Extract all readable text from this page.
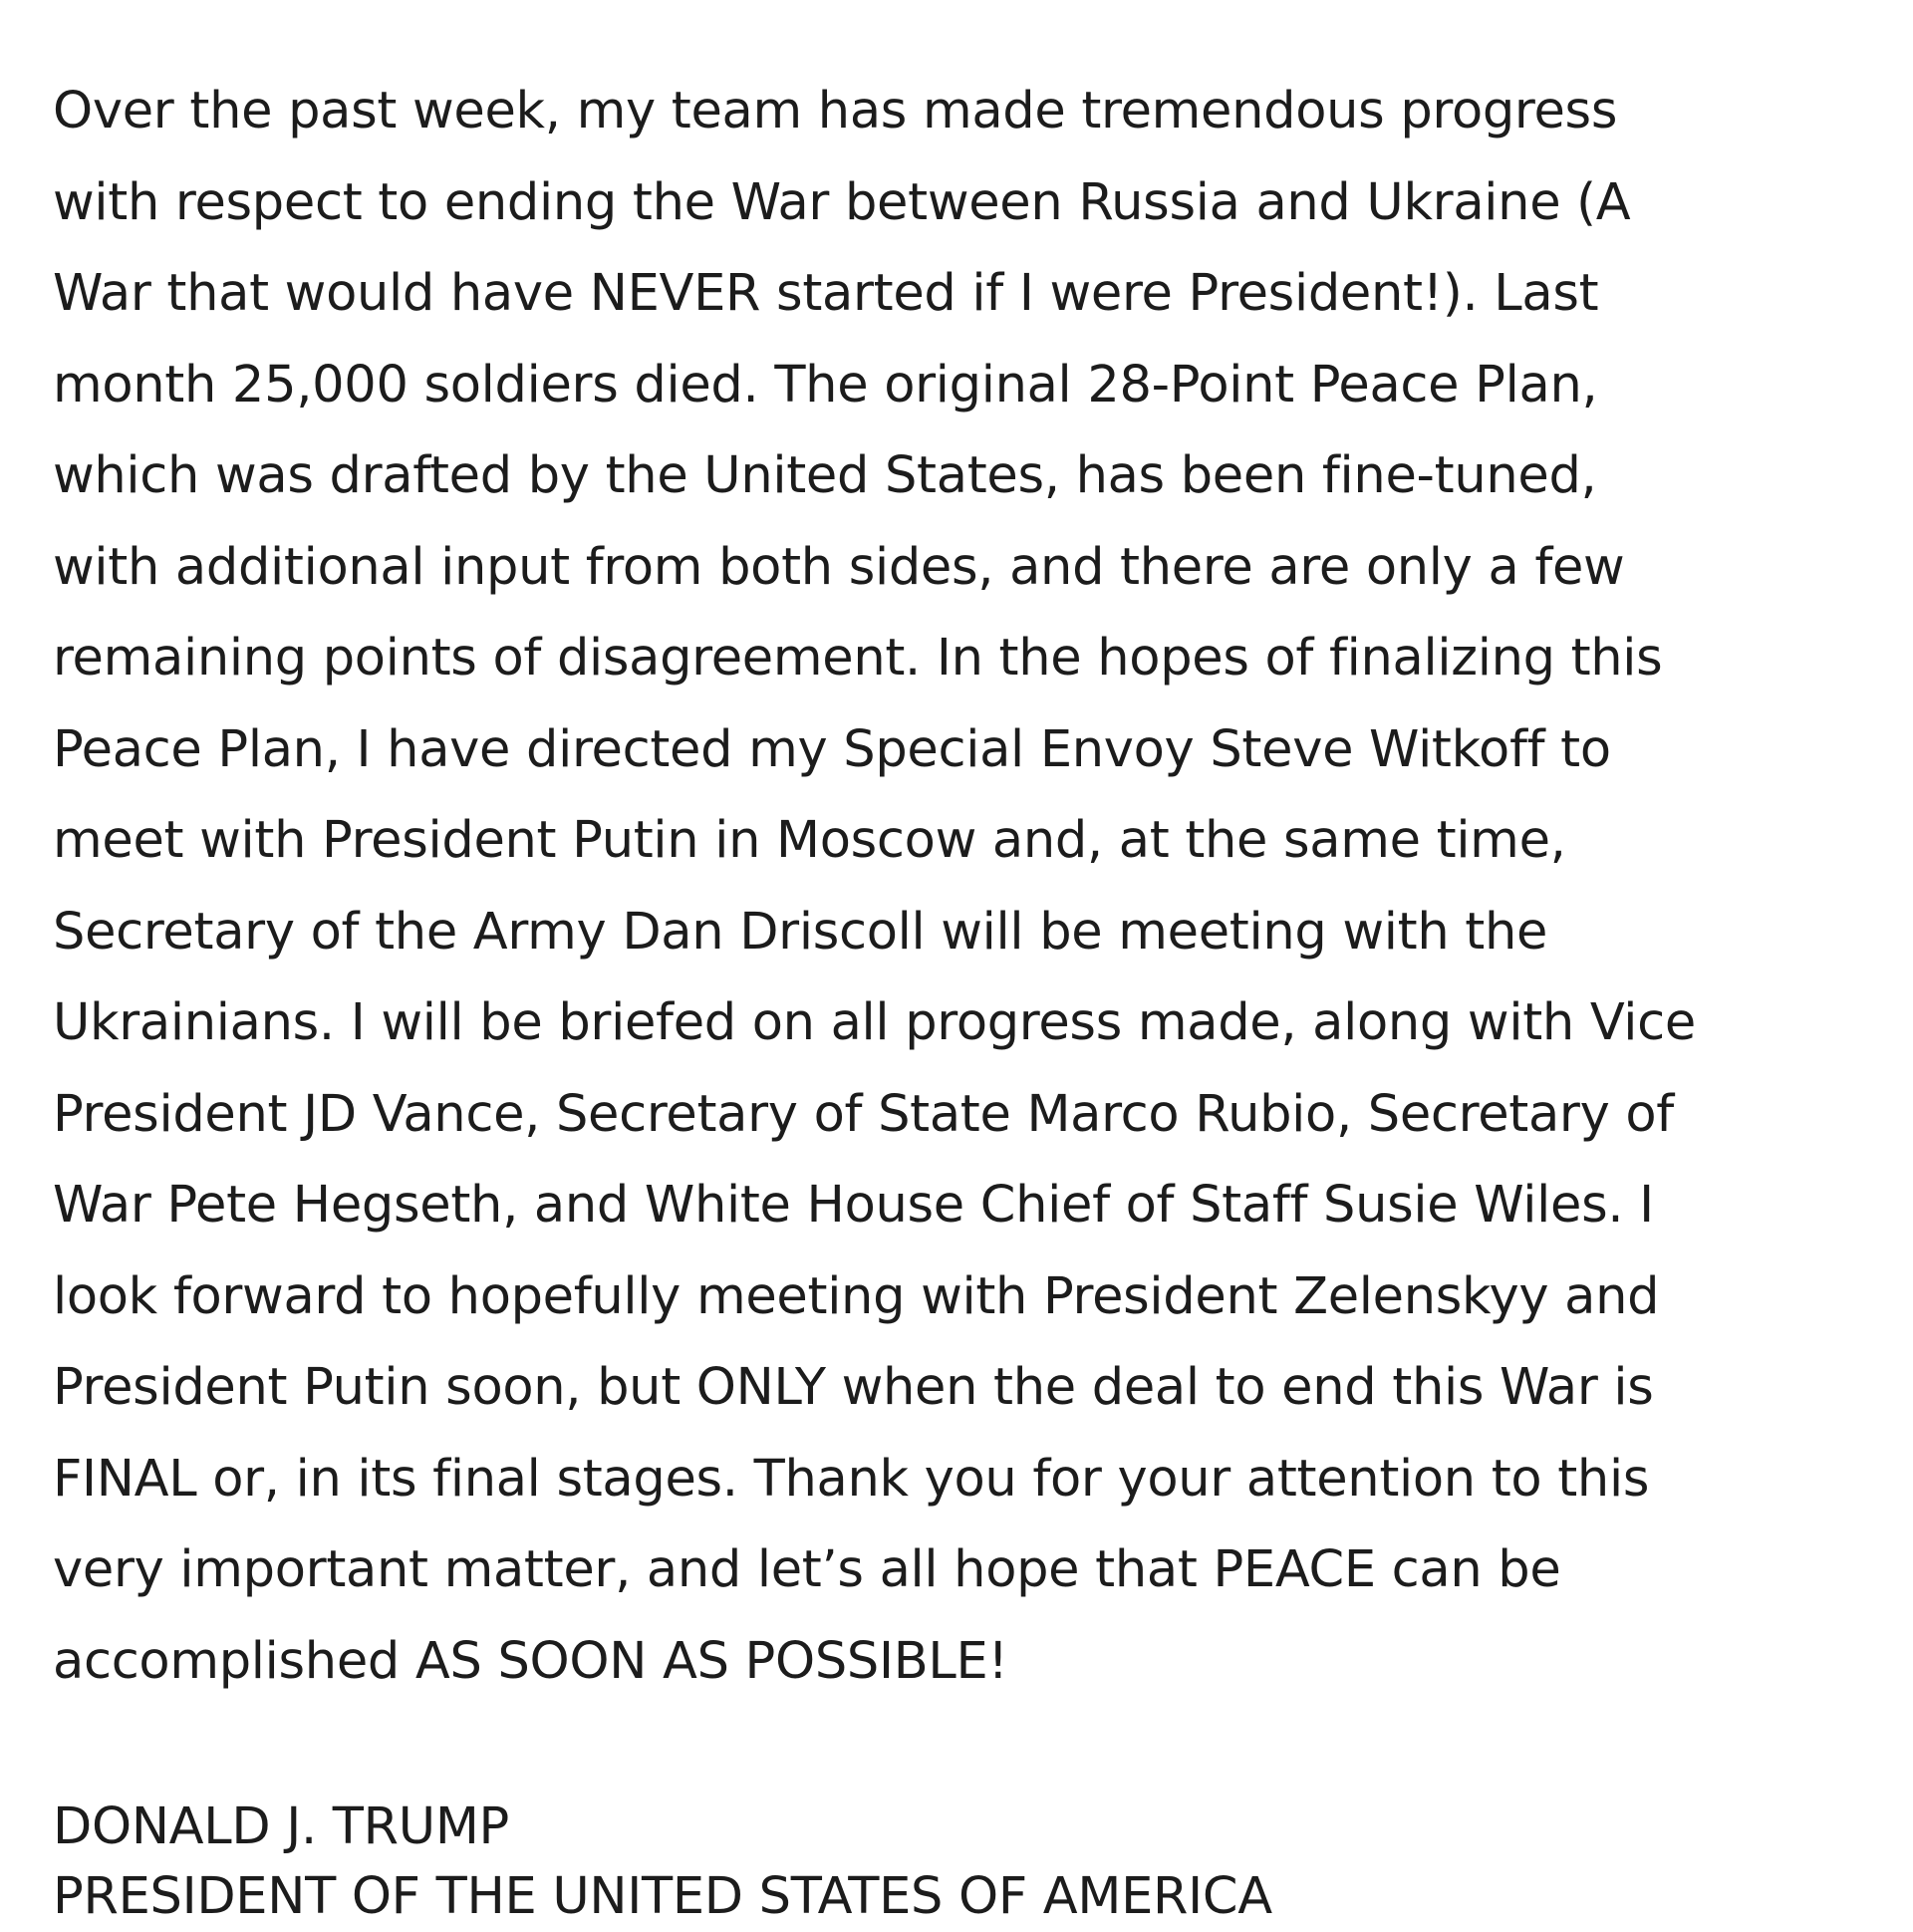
Over the past week, my team has made tremendous progress
with respect to ending the War between Russia and Ukraine (A
War that would have NEVER started if I were President!). Last
month 25,000 soldiers died. The original 28-Point Peace Plan,
which was drafted by the United States, has been fine-tuned,
with additional input from both sides, and there are only a few
remaining points of disagreement. In the hopes of finalizing this
Peace Plan, I have directed my Special Envoy Steve Witkoff to
meet with President Putin in Moscow and, at the same time,
Secretary of the Army Dan Driscoll will be meeting with the
Ukrainians. I will be briefed on all progress made, along with Vice
President JD Vance, Secretary of State Marco Rubio, Secretary of
War Pete Hegseth, and White House Chief of Staff Susie Wiles. I
look forward to hopefully meeting with President Zelenskyy and
President Putin soon, but ONLY when the deal to end this War is
FINAL or, in its final stages. Thank you for your attention to this
very important matter, and let’s all hope that PEACE can be
accomplished AS SOON AS POSSIBLE!

DONALD J. TRUMP
PRESIDENT OF THE UNITED STATES OF AMERICA
